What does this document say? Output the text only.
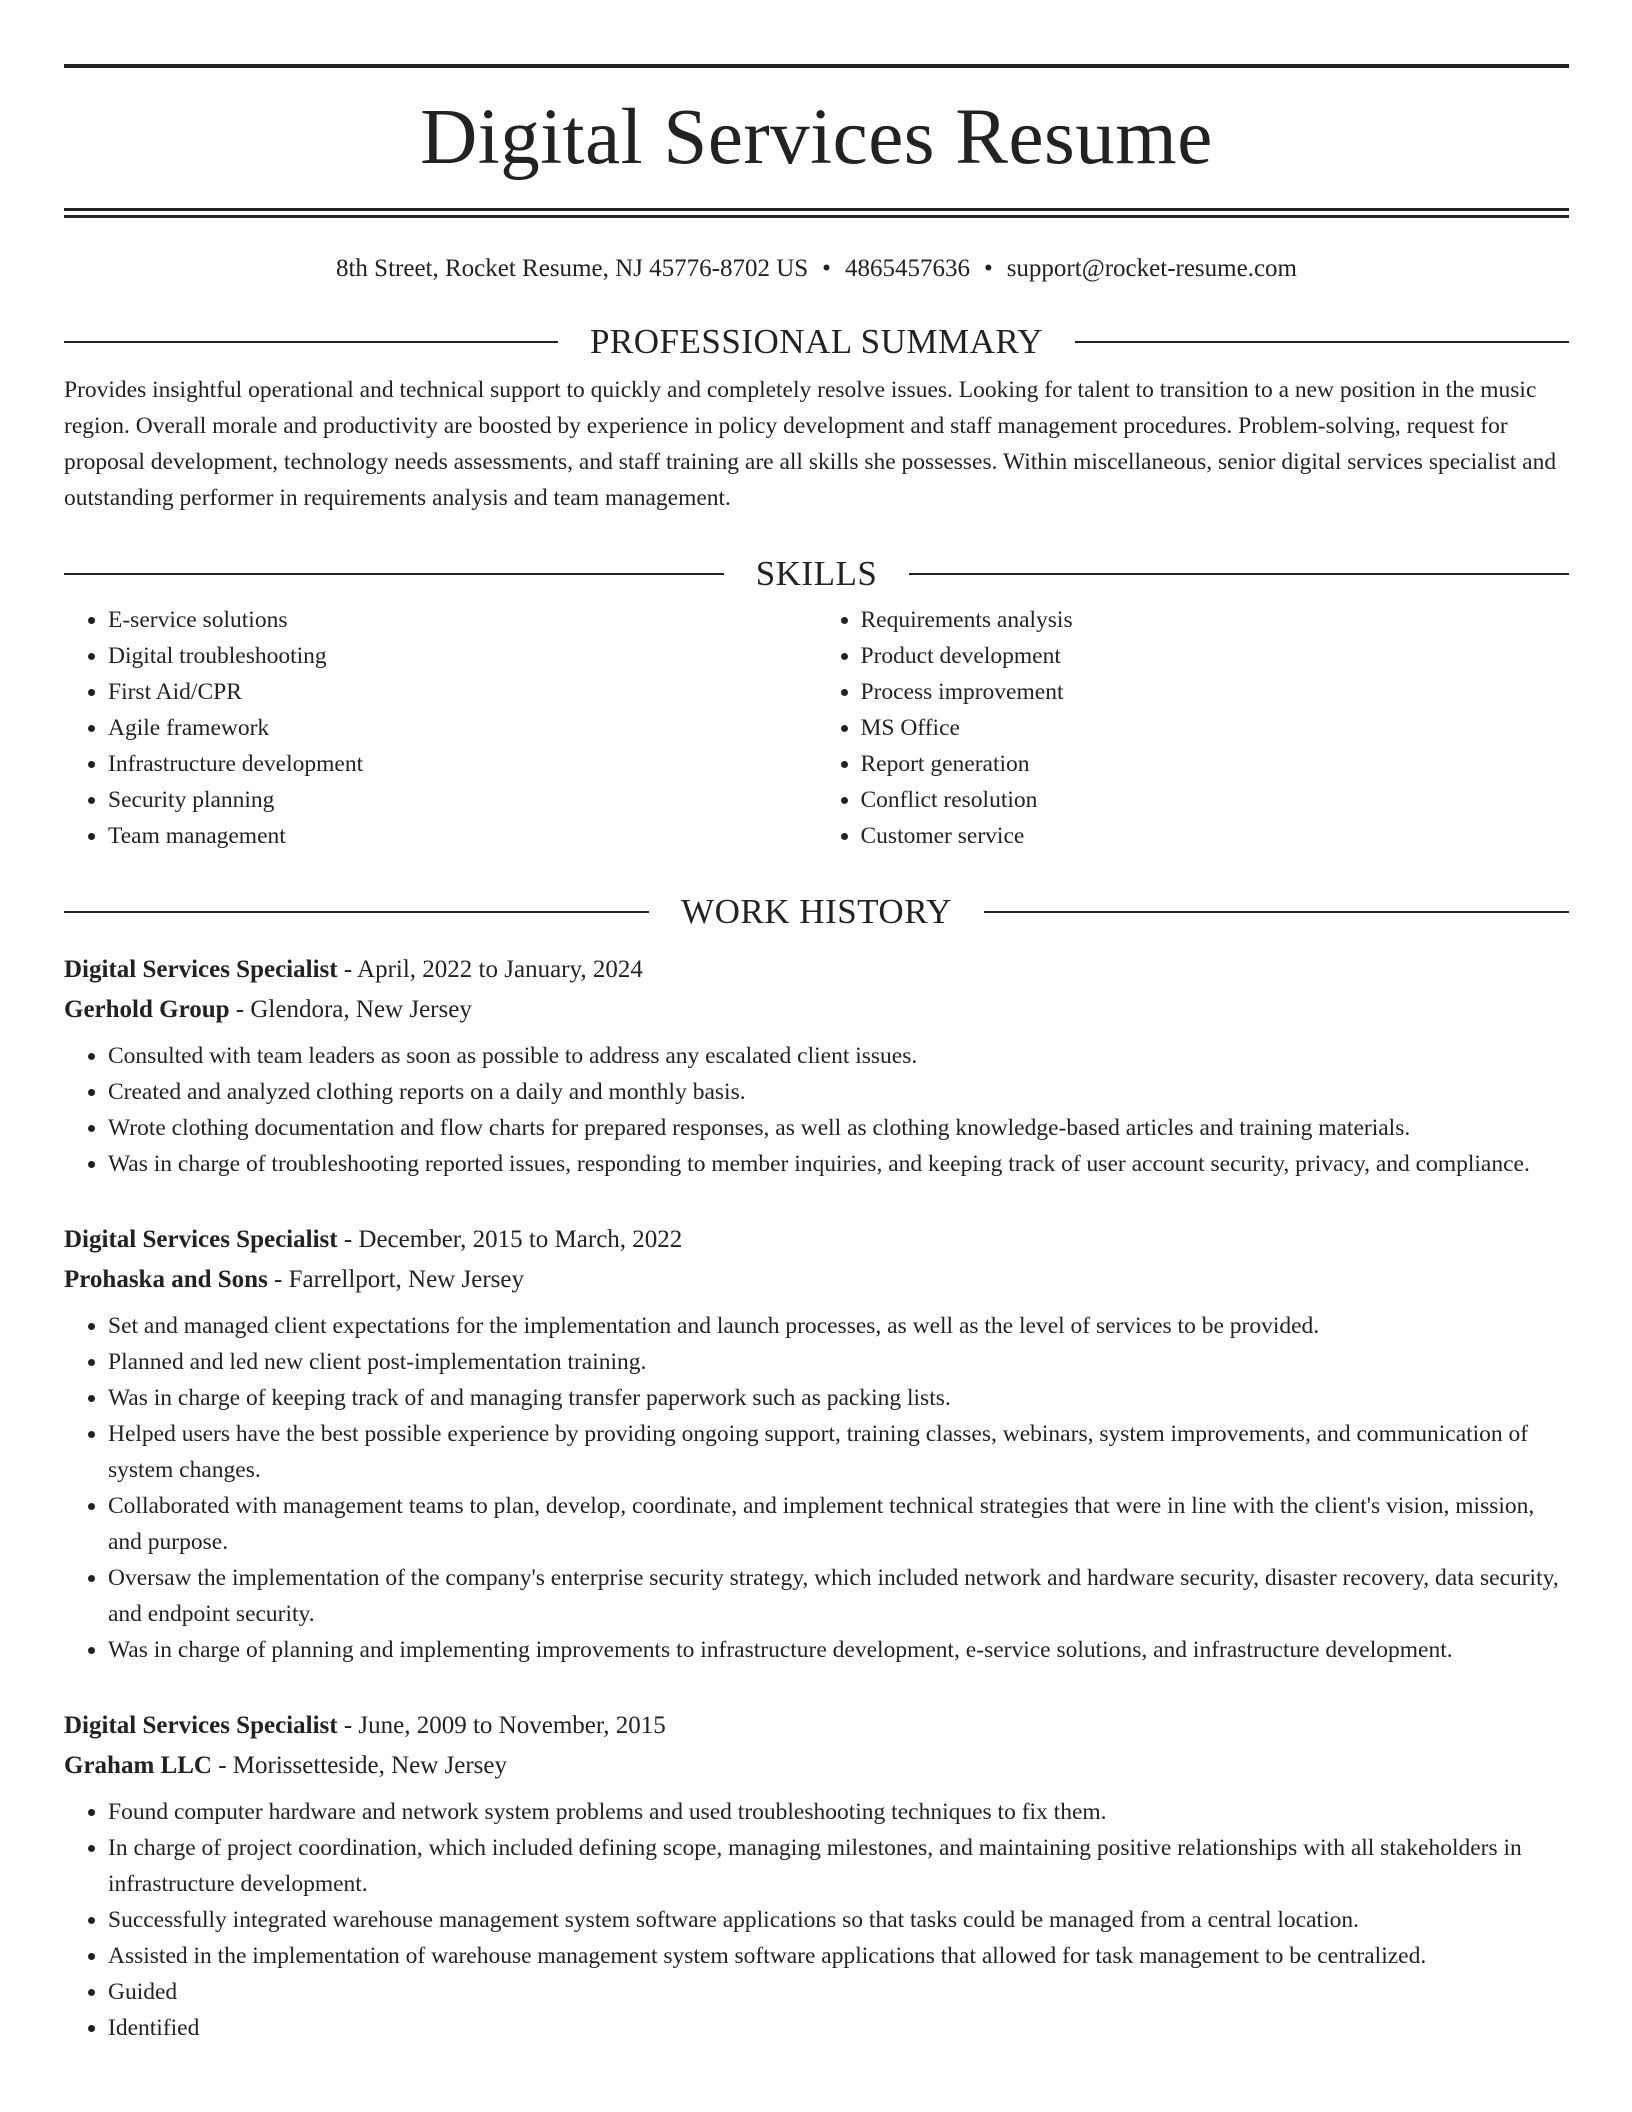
Digital Services Resume
8th Street, Rocket Resume, NJ 45776-8702 US • 4865457636 • support@rocket-resume.com
PROFESSIONAL SUMMARY
Provides insightful operational and technical support to quickly and completely resolve issues. Looking for talent to transition to a new position in the music region. Overall morale and productivity are boosted by experience in policy development and staff management procedures. Problem-solving, request for proposal development, technology needs assessments, and staff training are all skills she possesses. Within miscellaneous, senior digital services specialist and outstanding performer in requirements analysis and team management.
SKILLS
• E-service solutions
• Digital troubleshooting
• First Aid/CPR
• Agile framework
• Infrastructure development
• Security planning
• Team management
• Requirements analysis
• Product development
• Process improvement
• MS Office
• Report generation
• Conflict resolution
• Customer service
WORK HISTORY
Digital Services Specialist - April, 2022 to January, 2024
Gerhold Group - Glendora, New Jersey
• Consulted with team leaders as soon as possible to address any escalated client issues.
• Created and analyzed clothing reports on a daily and monthly basis.
• Wrote clothing documentation and flow charts for prepared responses, as well as clothing knowledge-based articles and training materials.
• Was in charge of troubleshooting reported issues, responding to member inquiries, and keeping track of user account security, privacy, and compliance.
Digital Services Specialist - December, 2015 to March, 2022
Prohaska and Sons - Farrellport, New Jersey
• Set and managed client expectations for the implementation and launch processes, as well as the level of services to be provided.
• Planned and led new client post-implementation training.
• Was in charge of keeping track of and managing transfer paperwork such as packing lists.
• Helped users have the best possible experience by providing ongoing support, training classes, webinars, system improvements, and communication of system changes.
• Collaborated with management teams to plan, develop, coordinate, and implement technical strategies that were in line with the client's vision, mission, and purpose.
• Oversaw the implementation of the company's enterprise security strategy, which included network and hardware security, disaster recovery, data security, and endpoint security.
• Was in charge of planning and implementing improvements to infrastructure development, e-service solutions, and infrastructure development.
Digital Services Specialist - June, 2009 to November, 2015
Graham LLC - Morissetteside, New Jersey
• Found computer hardware and network system problems and used troubleshooting techniques to fix them.
• In charge of project coordination, which included defining scope, managing milestones, and maintaining positive relationships with all stakeholders in infrastructure development.
• Successfully integrated warehouse management system software applications so that tasks could be managed from a central location.
• Assisted in the implementation of warehouse management system software applications that allowed for task management to be centralized.
• Guided
• Identified
